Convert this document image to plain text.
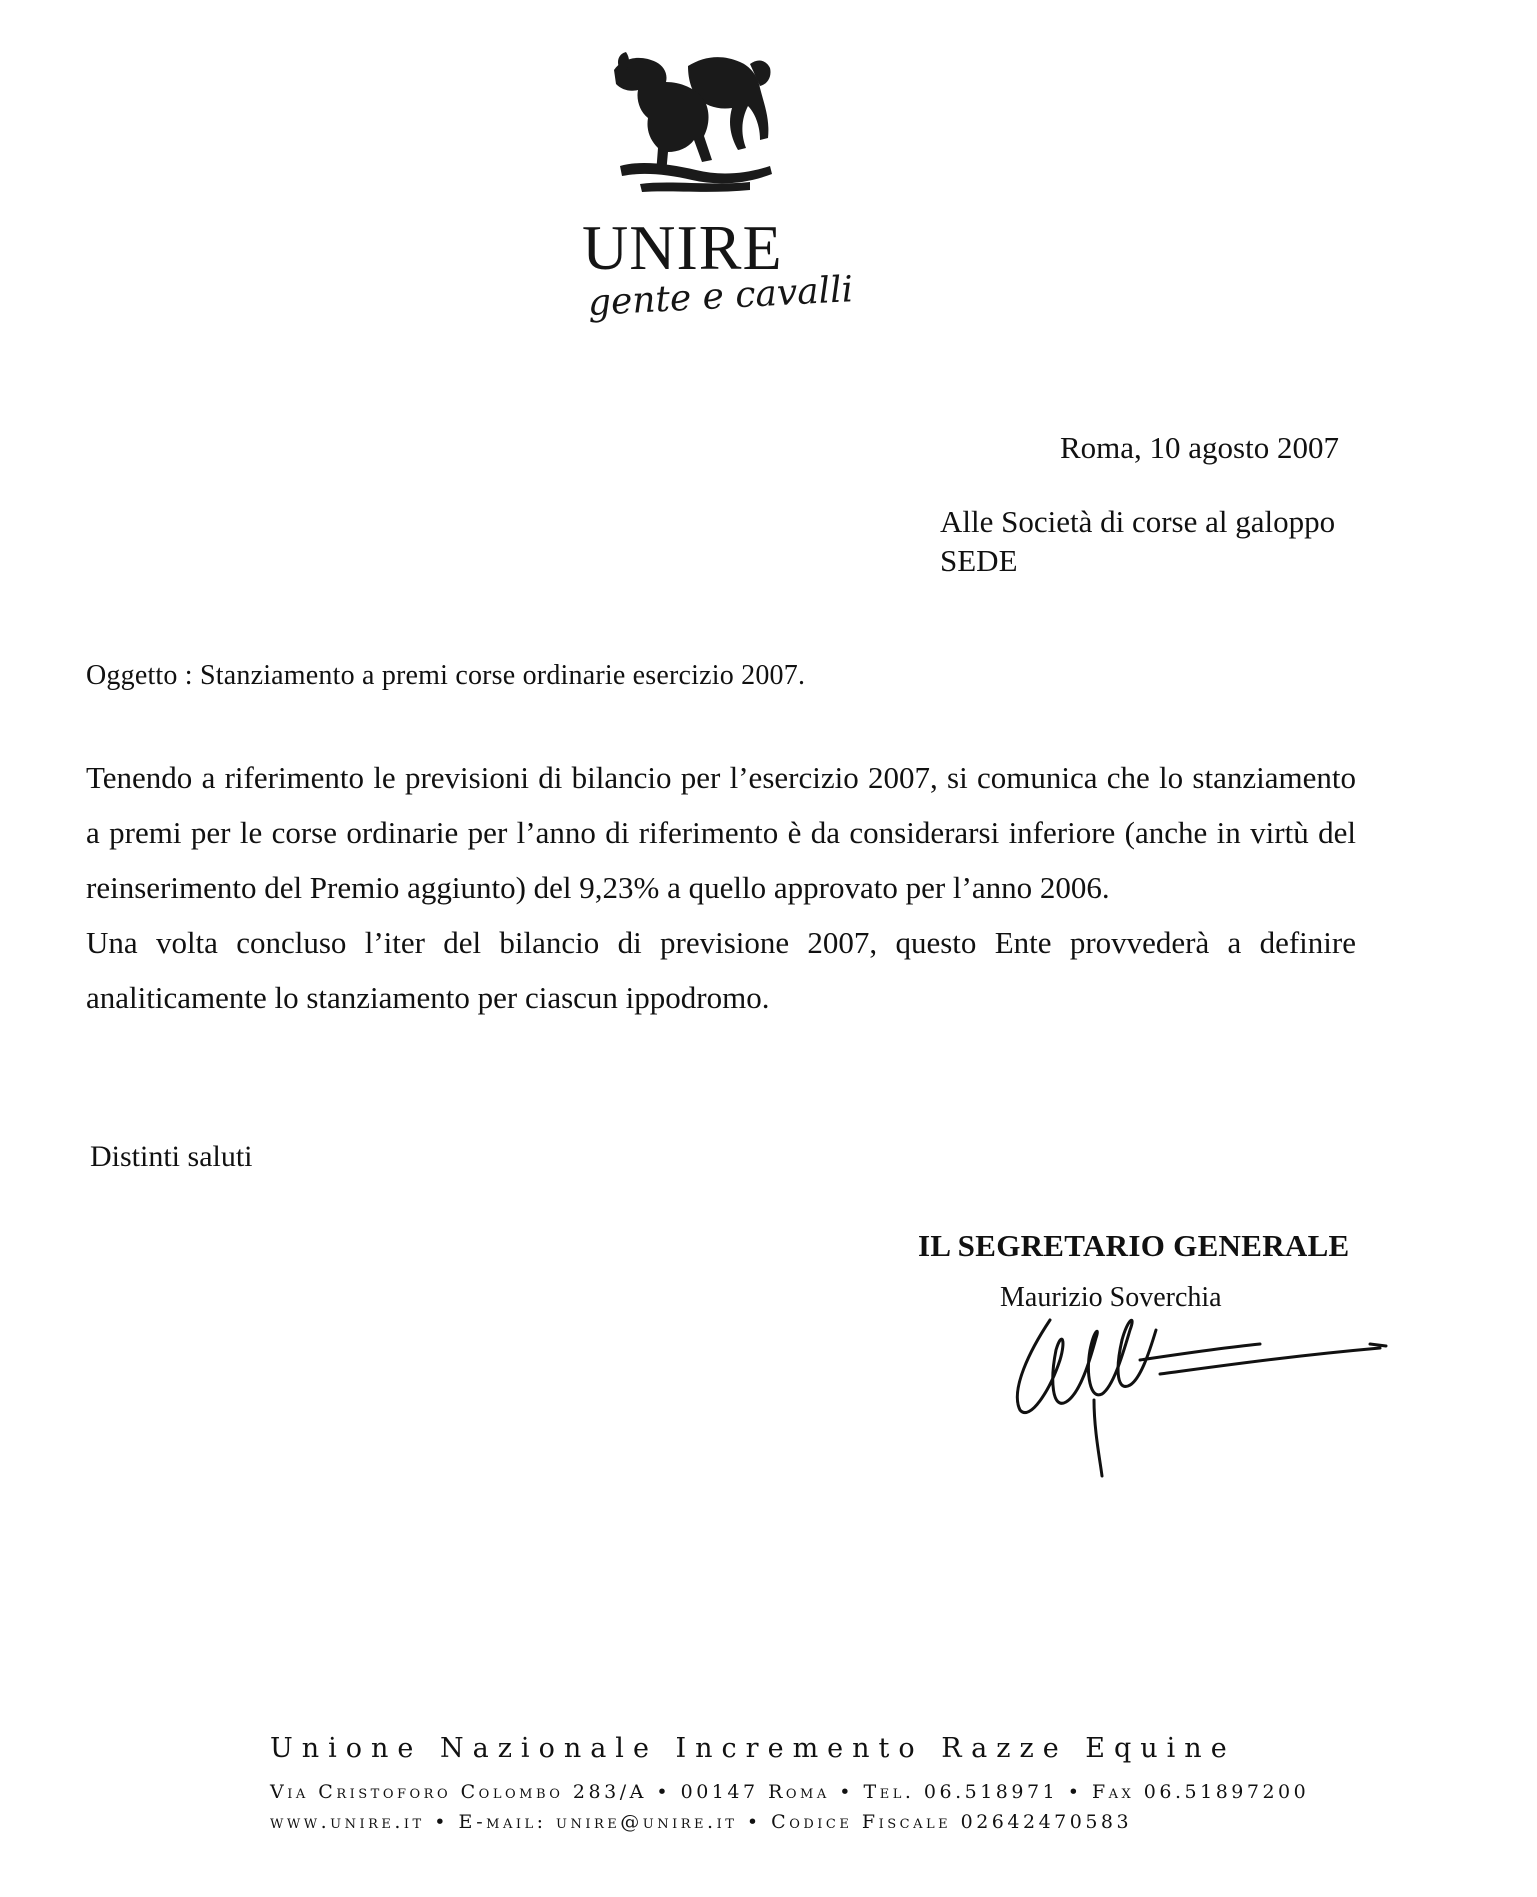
UNIRE
gente e cavalli
Roma, 10 agosto 2007
Alle Società di corse al galoppo
SEDE
Oggetto : Stanziamento a premi corse ordinarie esercizio 2007.

Tenendo a riferimento le previsioni di bilancio per l’esercizio 2007, si comunica che lo stanziamento a premi per le corse ordinarie per l’anno di riferimento è da considerarsi inferiore (anche in virtù del reinserimento del Premio aggiunto) del 9,23% a quello approvato per l’anno 2006.

Una volta concluso l’iter del bilancio di previsione 2007, questo Ente provvederà a definire analiticamente lo stanziamento per ciascun ippodromo.

Distinti saluti
IL SEGRETARIO GENERALE
Maurizio Soverchia
Unione Nazionale Incremento Razze Equine
Via Cristoforo Colombo 283/A • 00147 Roma • Tel. 06.518971 • Fax 06.51897200
www.unire.it • E-mail: unire@unire.it • Codice Fiscale 02642470583
